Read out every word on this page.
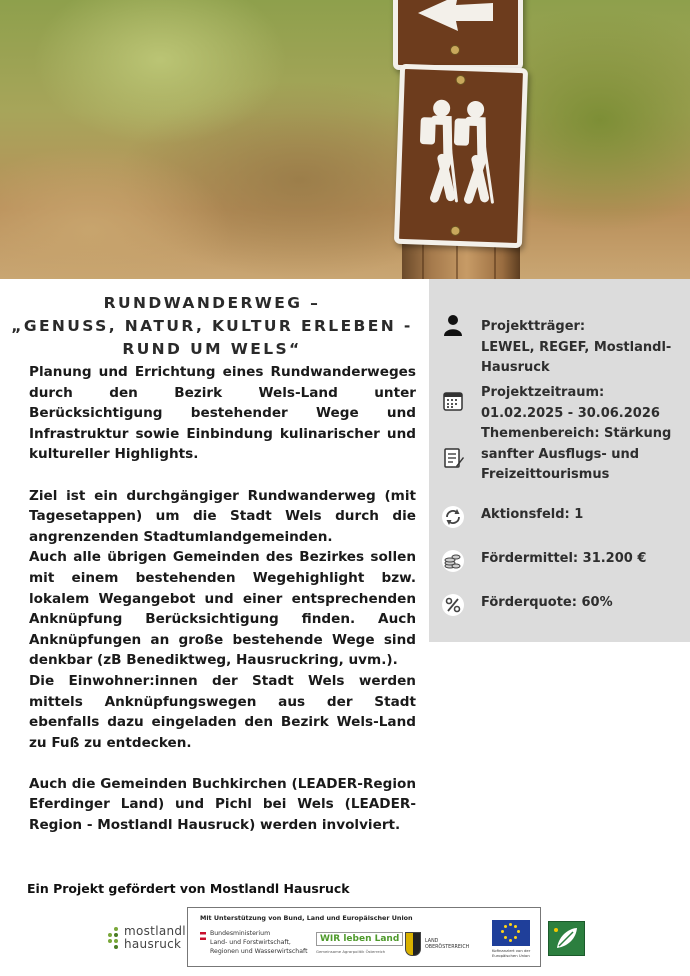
RUNDWANDERWEG –
„GENUSS, NATUR, KULTUR ERLEBEN -
RUND UM WELS“

Planung und Errichtung eines Rundwanderweges durch den Bezirk Wels-Land unter Berücksichtigung bestehender Wege und Infrastruktur sowie Einbindung kulinarischer und kultureller Highlights.

Ziel ist ein durchgängiger Rundwanderweg (mit Tagesetappen) um die Stadt Wels durch die angrenzenden Stadtumlandgemeinden.

Auch alle übrigen Gemeinden des Bezirkes sollen mit einem bestehenden Wegehighlight bzw. lokalem Wegangebot und einer entsprechenden Anknüpfung Berücksichtigung finden. Auch Anknüpfungen an große bestehende Wege sind denkbar (zB Benediktweg, Hausruckring, uvm.).

Die Einwohner:innen der Stadt Wels werden mittels Anknüpfungswegen aus der Stadt ebenfalls dazu eingeladen den Bezirk Wels-Land zu Fuß zu entdecken.

Auch die Gemeinden Buchkirchen (LEADER-Region Eferdinger Land) und Pichl bei Wels (LEADER-Region - Mostlandl Hausruck) werden involviert.

Projektträger:
LEWEL, REGEF, Mostlandl-
Hausruck
Projektzeitraum:
01.02.2025 - 30.06.2026
Themenbereich: Stärkung
sanfter Ausflugs- und
Freizeittourismus
Aktionsfeld: 1
Fördermittel: 31.200 €
Förderquote: 60%
Ein Projekt gefördert von Mostlandl Hausruck
mostlandl
hausruck
Mit Unterstützung von Bund, Land und Europäischer Union
Bundesministerium
Land- und Forstwirtschaft,
Regionen und Wasserwirtschaft
WIR leben Land
Gemeinsame Agrarpolitik Österreich
LAND
OBERÖSTERREICH
Kofinanziert von der
Europäischen Union
